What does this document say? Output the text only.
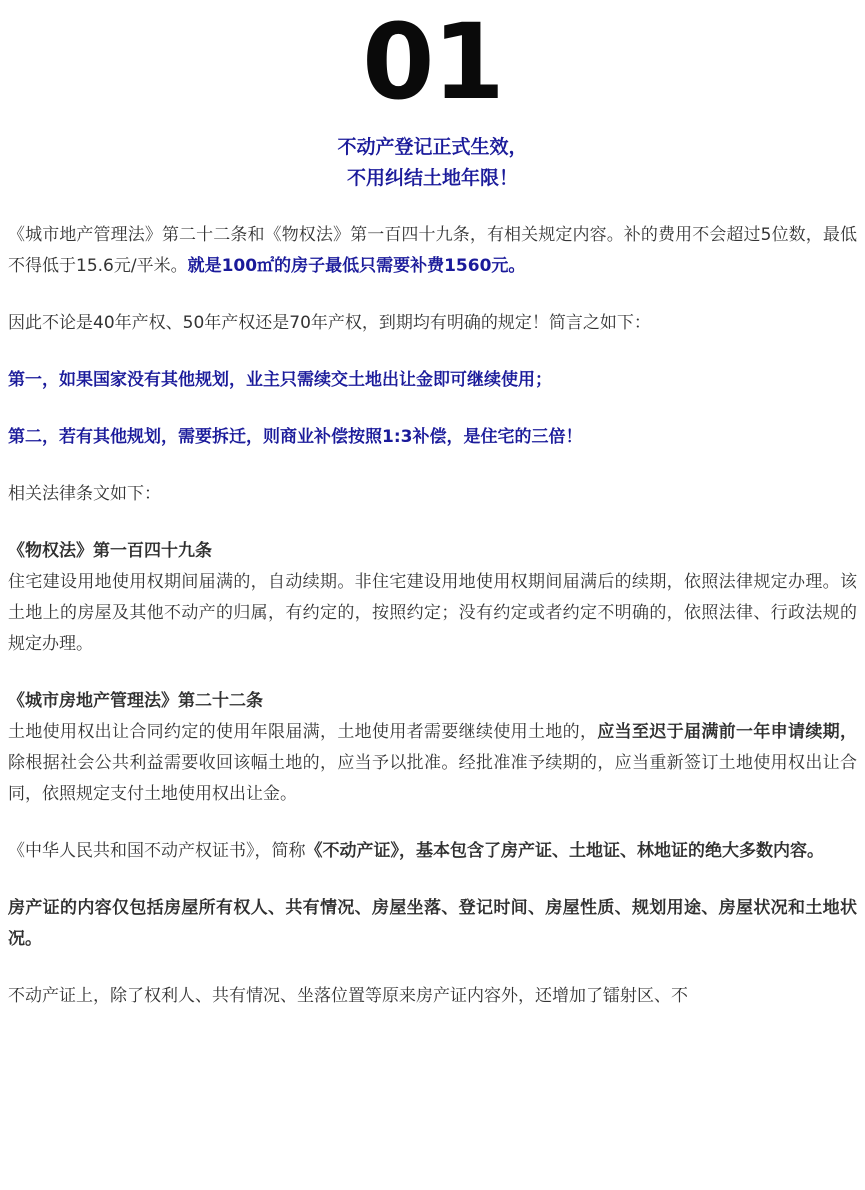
01
不动产登记正式生效，
不用纠结土地年限！

《城市地产管理法》第二十二条和《物权法》第一百四十九条，有相关规定内容。补的费用不会超过5位数，最低不得低于15.6元/平米。就是100㎡的房子最低只需要补费1560元。

因此不论是40年产权、50年产权还是70年产权，到期均有明确的规定！简言之如下：

第一，如果国家没有其他规划，业主只需续交土地出让金即可继续使用；

第二，若有其他规划，需要拆迁，则商业补偿按照1:3补偿，是住宅的三倍！

相关法律条文如下：

《物权法》第一百四十九条

住宅建设用地使用权期间届满的，自动续期。非住宅建设用地使用权期间届满后的续期，依照法律规定办理。该土地上的房屋及其他不动产的归属，有约定的，按照约定；没有约定或者约定不明确的，依照法律、行政法规的规定办理。

《城市房地产管理法》第二十二条

土地使用权出让合同约定的使用年限届满，土地使用者需要继续使用土地的，应当至迟于届满前一年申请续期，除根据社会公共利益需要收回该幅土地的，应当予以批准。经批准准予续期的，应当重新签订土地使用权出让合同，依照规定支付土地使用权出让金。

《中华人民共和国不动产权证书》，简称《不动产证》，基本包含了房产证、土地证、林地证的绝大多数内容。

房产证的内容仅包括房屋所有权人、共有情况、房屋坐落、登记时间、房屋性质、规划用途、房屋状况和土地状况。

不动产证上，除了权利人、共有情况、坐落位置等原来房产证内容外，还增加了镭射区、不
